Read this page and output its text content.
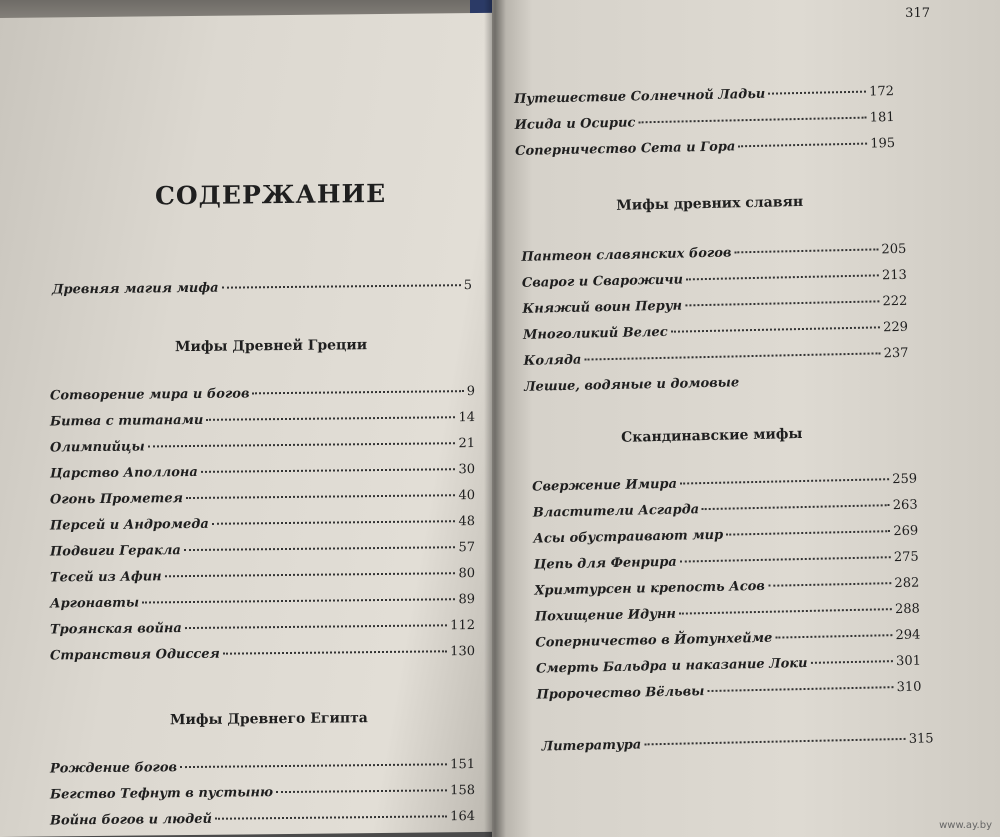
СОДЕРЖАНИЕ
Древняя магия мифа	5
Мифы Древней Греции
Сотворение мира и богов	9
Битва с титанами	14
Олимпийцы	21
Царство Аполлона	30
Огонь Прометея	40
Персей и Андромеда	48
Подвиги Геракла	57
Тесей из Афин	80
Аргонавты	89
Троянская война	112
Странствия Одиссея	130
Мифы Древнего Египта
Рождение богов	151
Бегство Тефнут в пустыню	158
Война богов и людей	164
317
Путешествие Солнечной Ладьи	172
Исида и Осирис	181
Соперничество Сета и Гора	195
Мифы древних славян
Пантеон славянских богов	205
Сварог и Сварожичи	213
Княжий воин Перун	222
Многоликий Велес	229
Коляда	237
Лешие, водяные и домовые
Скандинавские мифы
Свержение Имира	259
Властители Асгарда	263
Асы обустраивают мир	269
Цепь для Фенрира	275
Хримтурсен и крепость Асов	282
Похищение Идунн	288
Соперничество в Йотунхейме	294
Смерть Бальдра и наказание Локи	301
Пророчество Вёльвы	310
Литература	315
www.ay.by
